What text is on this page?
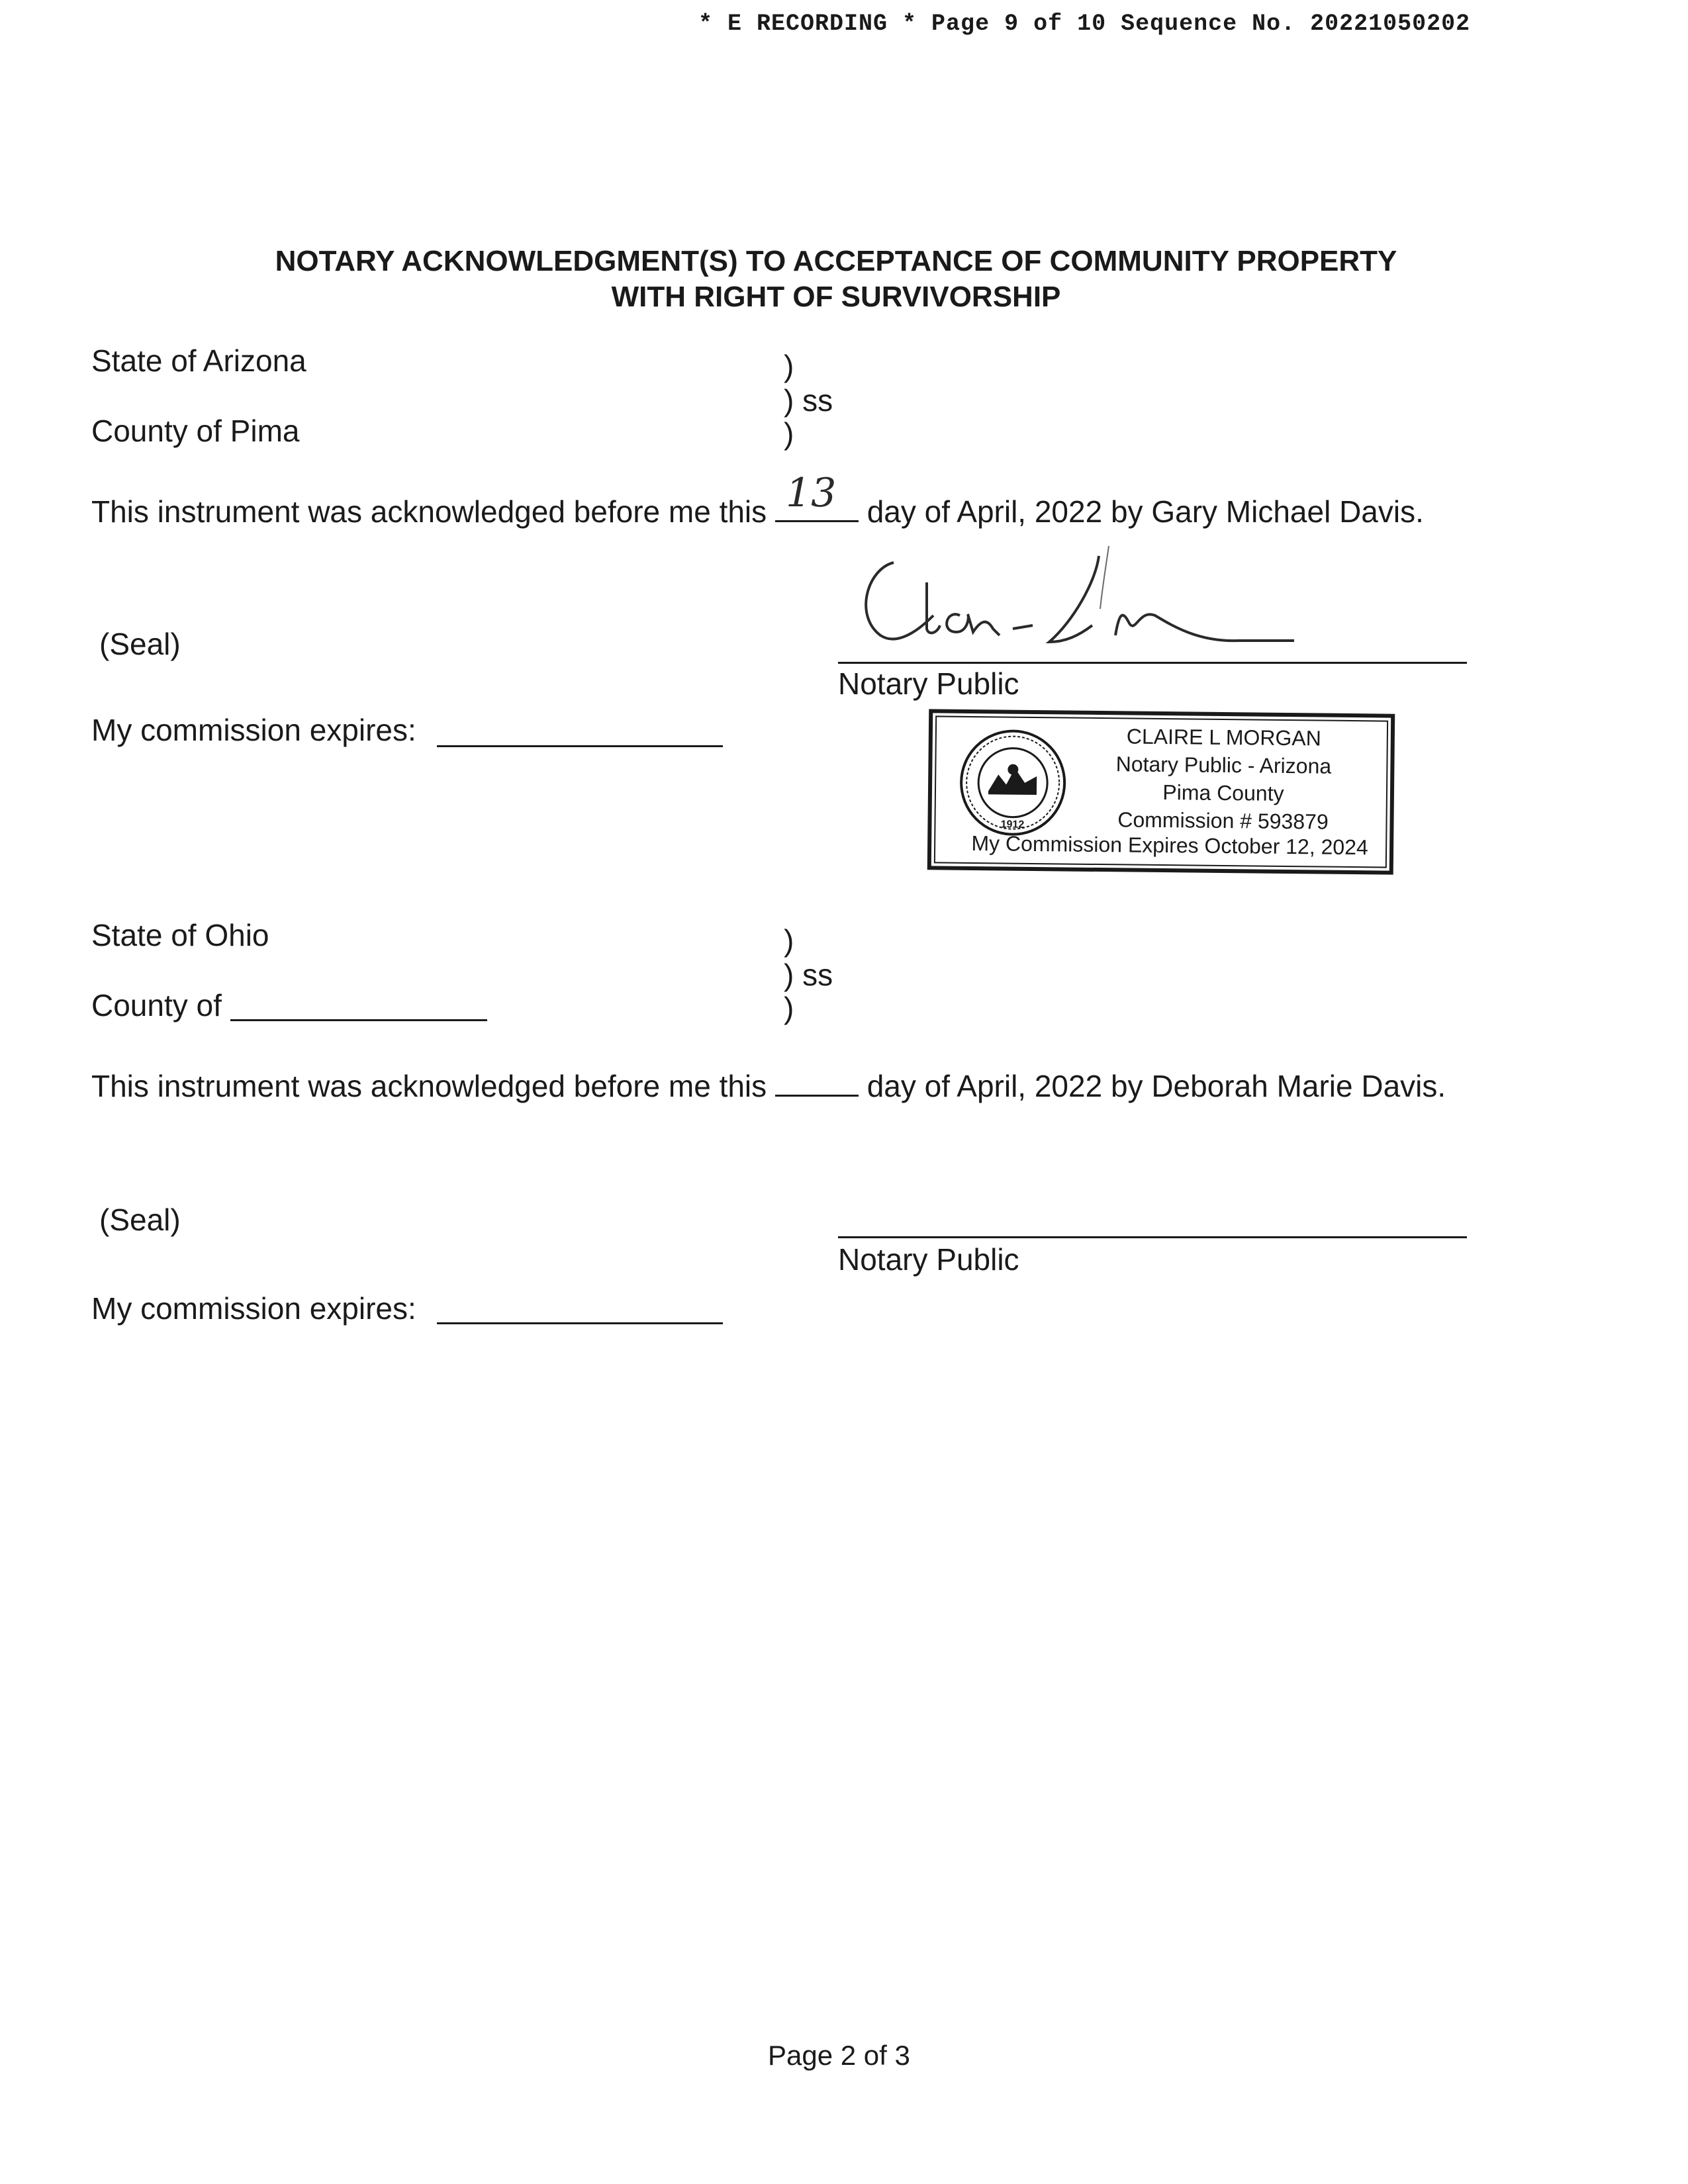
* E RECORDING * Page 9 of 10 Sequence No. 20221050202
NOTARY ACKNOWLEDGMENT(S) TO ACCEPTANCE OF COMMUNITY PROPERTY
WITH RIGHT OF SURVIVORSHIP
State of Arizona	)
) ss
)
County of Pima
This instrument was acknowledged before me this 13 day of April, 2022 by Gary Michael Davis.
(Seal)
Notary Public
My commission expires:
1912
CLAIRE L MORGAN
Notary Public - Arizona
Pima County
Commission # 593879
My Commission Expires October 12, 2024
State of Ohio	)
) ss
)
County of
This instrument was acknowledged before me this	day of April, 2022 by Deborah Marie Davis.
(Seal)
Notary Public
My commission expires:
Page 2 of 3
